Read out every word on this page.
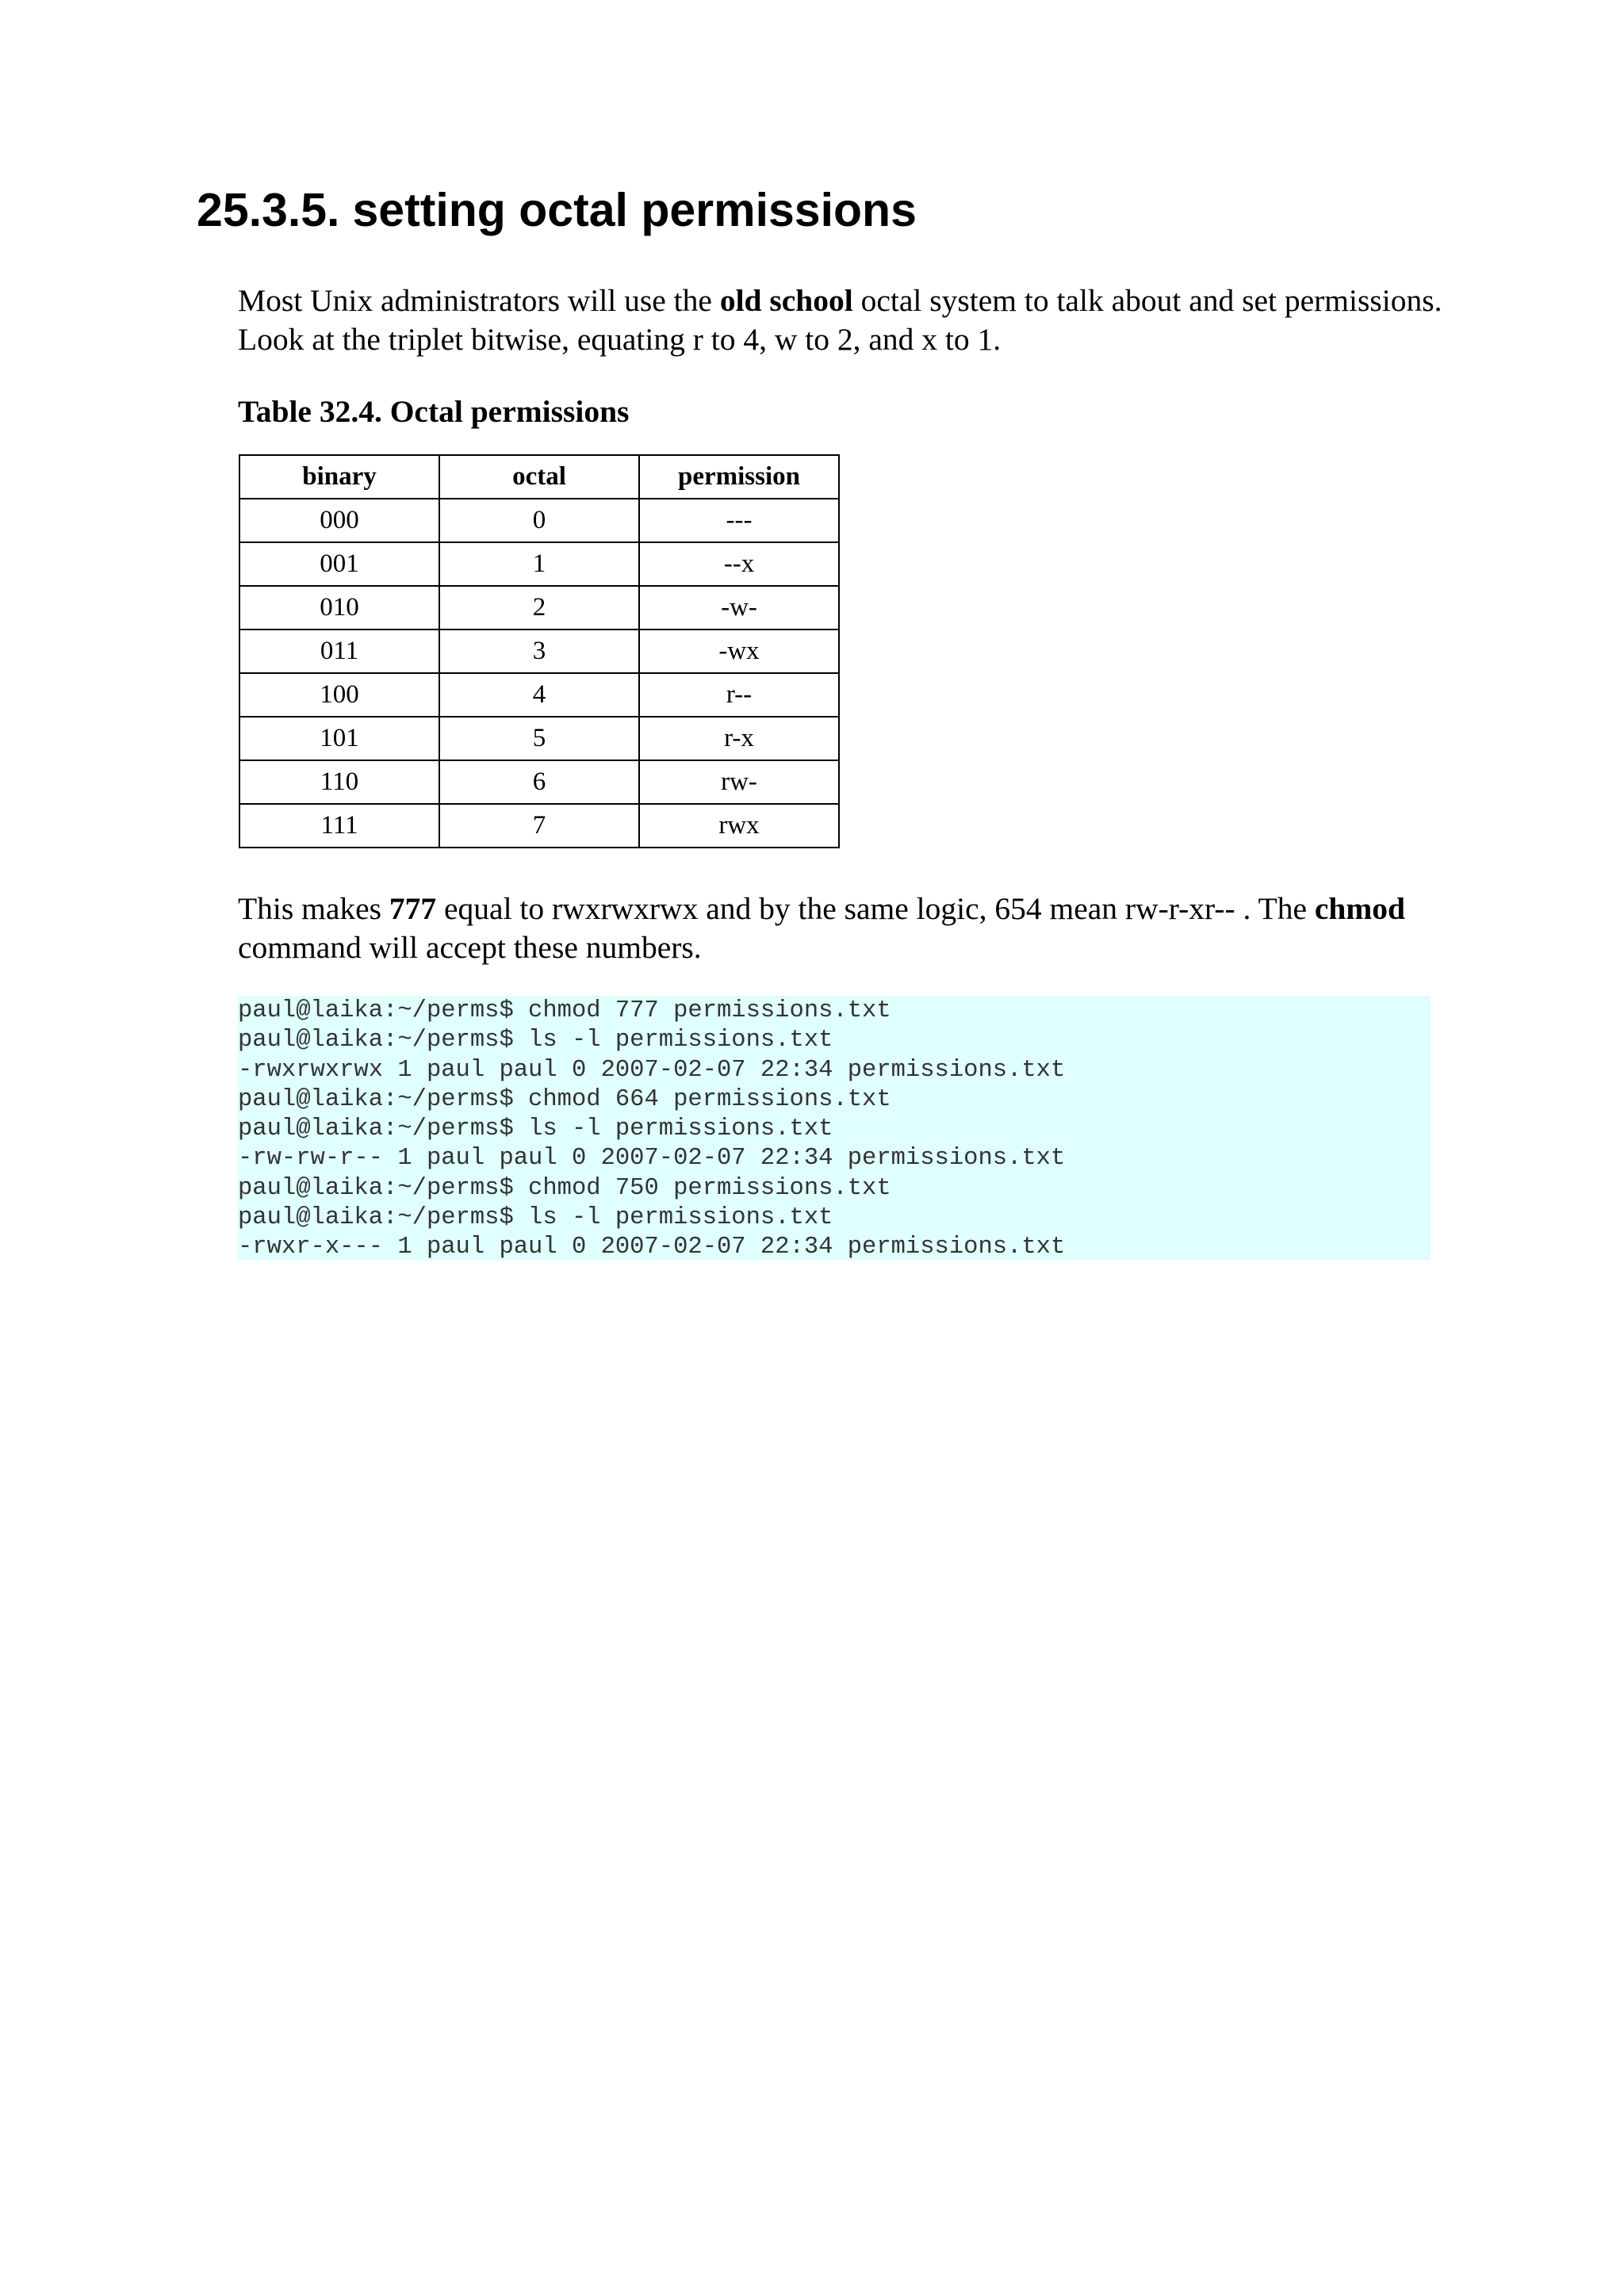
25.3.5. setting octal permissions

Most Unix administrators will use the old school octal system to talk about and set permissions. Look at the triplet bitwise, equating r to 4, w to 2, and x to 1.

Table 32.4. Octal permissions

binary	octal	permission
000	0	---
001	1	--x
010	2	-w-
011	3	-wx
100	4	r--
101	5	r-x
110	6	rw-
111	7	rwx

This makes 777 equal to rwxrwxrwx and by the same logic, 654 mean rw-r-xr-- . The chmod command will accept these numbers.

paul@laika:~/perms$ chmod 777 permissions.txt
paul@laika:~/perms$ ls -l permissions.txt
-rwxrwxrwx 1 paul paul 0 2007-02-07 22:34 permissions.txt
paul@laika:~/perms$ chmod 664 permissions.txt
paul@laika:~/perms$ ls -l permissions.txt
-rw-rw-r-- 1 paul paul 0 2007-02-07 22:34 permissions.txt
paul@laika:~/perms$ chmod 750 permissions.txt
paul@laika:~/perms$ ls -l permissions.txt
-rwxr-x--- 1 paul paul 0 2007-02-07 22:34 permissions.txt
